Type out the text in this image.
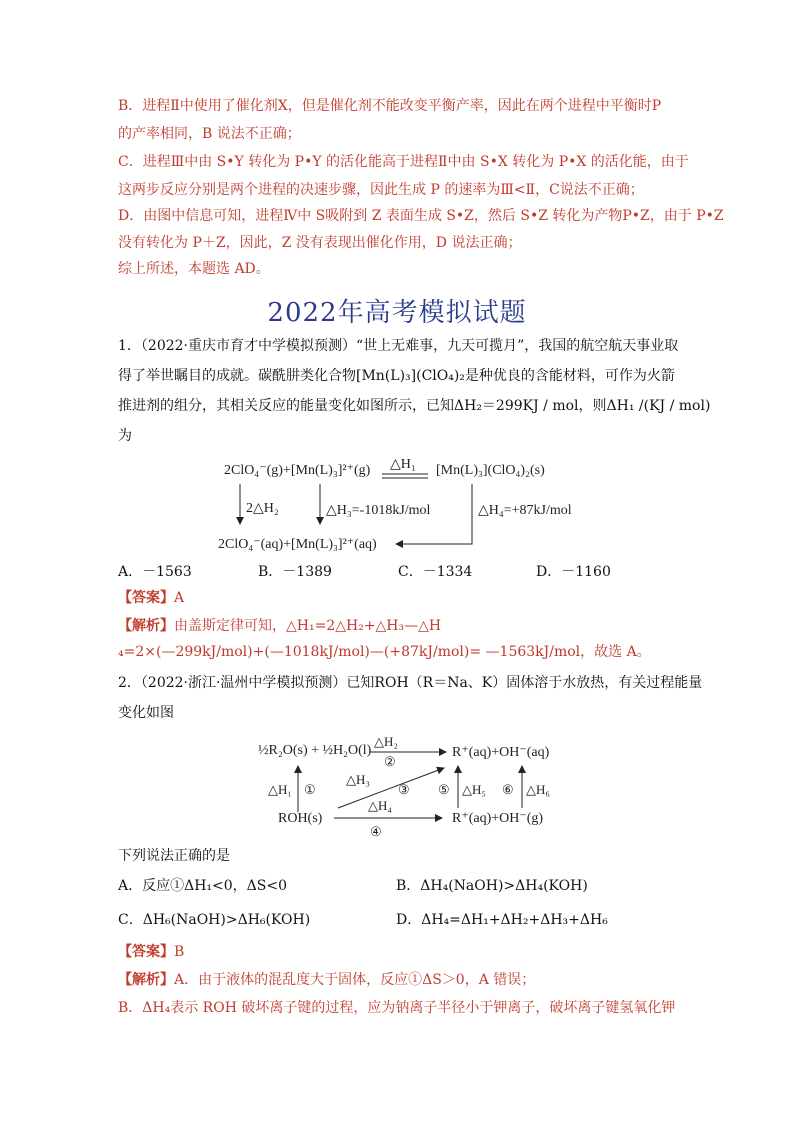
B．进程Ⅱ中使用了催化剂X，但是催化剂不能改变平衡产率，因此在两个进程中平衡时P
的产率相同，B 说法不正确；
C．进程Ⅲ中由 S•Y 转化为 P•Y 的活化能高于进程Ⅱ中由 S•X 转化为 P•X 的活化能，由于
这两步反应分别是两个进程的决速步骤，因此生成 P 的速率为Ⅲ<Ⅱ，C说法不正确；
D．由图中信息可知，进程Ⅳ中 S吸附到 Z 表面生成 S•Z，然后 S•Z 转化为产物P•Z，由于 P•Z
没有转化为 P＋Z，因此，Z 没有表现出催化作用，D 说法正确；
综上所述，本题选 AD。
2022年高考模拟试题
1．（2022·重庆市育才中学模拟预测）“世上无难事，九天可揽月”，我国的航空航天事业取
得了举世瞩目的成就。碳酰肼类化合物[Mn(L)₃](ClO₄)₂是种优良的含能材料，可作为火箭
推进剂的组分，其相关反应的能量变化如图所示，已知ΔH₂＝299KJ / mol，则ΔH₁ /(KJ / mol)
为
2ClO₄⁻(g)+[Mn(L)₃]²⁺(g) △H₁ [Mn(L)₃](ClO₄)₂(s)
2△H₂	△H₃=-1018kJ/mol	△H₄=+87kJ/mol
2ClO₄⁻(aq)+[Mn(L)₃]²⁺(aq)
A．－1563	B．－1389	C．－1334	D．－1160
【答案】A
【解析】由盖斯定律可知，△H₁=2△H₂+△H₃—△H
₄=2×(—299kJ/mol)+(—1018kJ/mol)—(+87kJ/mol)= —1563kJ/mol，故选 A。
2．（2022·浙江·温州中学模拟预测）已知ROH（R＝Na、K）固体溶于水放热，有关过程能量
变化如图
½R₂O(s) + ½H₂O(l)
△H₂
②
R⁺(aq)+OH⁻(aq)
△H₁ ①
△H₃
③ ⑤ △H₅ ⑥ △H₆
△H₄
ROH(s)
④
R⁺(aq)+OH⁻(g)
下列说法正确的是
A．反应①ΔH₁<0，ΔS<0	B．ΔH₄(NaOH)>ΔH₄(KOH)
C．ΔH₆(NaOH)>ΔH₆(KOH)	D．ΔH₄=ΔH₁+ΔH₂+ΔH₃+ΔH₆
【答案】B
【解析】A．由于液体的混乱度大于固体，反应①ΔS＞0，A 错误；
B．ΔH₄表示 ROH 破坏离子键的过程，应为钠离子半径小于钾离子，破坏离子键氢氧化钾
